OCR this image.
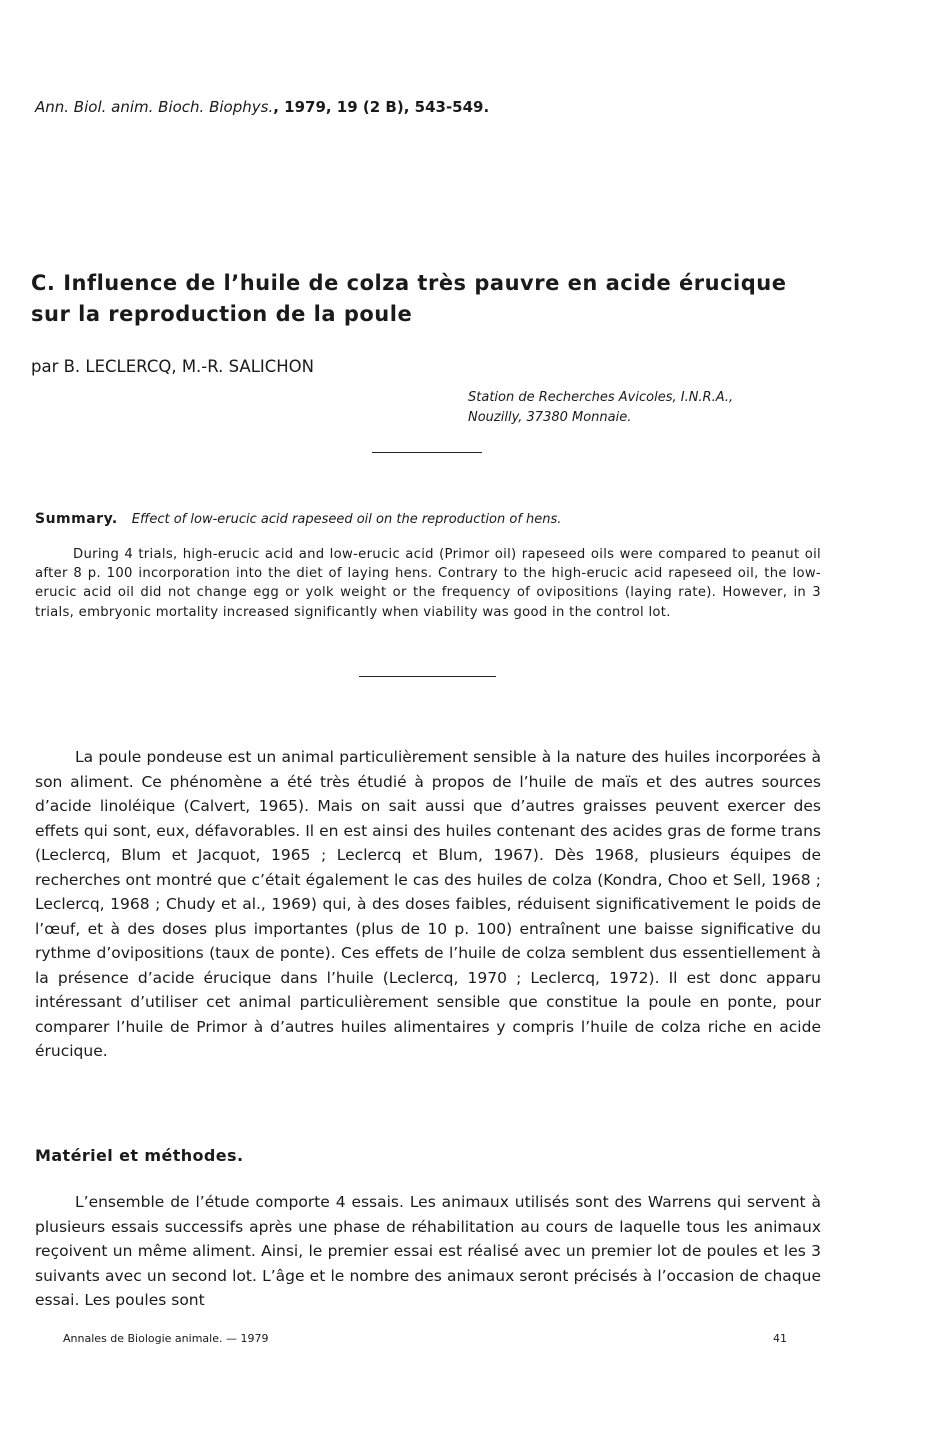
Ann. Biol. anim. Bioch. Biophys., 1979, 19 (2 B), 543-549.
C. Influence de l’huile de colza très pauvre en acide érucique
sur la reproduction de la poule
par B. LECLERCQ, M.-R. SALICHON
Station de Recherches Avicoles, I.N.R.A.,
Nouzilly, 37380 Monnaie.
Summary. Effect of low-erucic acid rapeseed oil on the reproduction of hens.

During 4 trials, high-erucic acid and low-erucic acid (Primor oil) rapeseed oils were compared to peanut oil after 8 p. 100 incorporation into the diet of laying hens. Contrary to the high-erucic acid rapeseed oil, the low-erucic acid oil did not change egg or yolk weight or the frequency of ovipositions (laying rate). However, in 3 trials, embryonic mortality increased significantly when viability was good in the control lot.

La poule pondeuse est un animal particulièrement sensible à la nature des huiles incorporées à son aliment. Ce phénomène a été très étudié à propos de l’huile de maïs et des autres sources d’acide linoléique (Calvert, 1965). Mais on sait aussi que d’autres graisses peuvent exercer des effets qui sont, eux, défavorables. Il en est ainsi des huiles contenant des acides gras de forme trans (Leclercq, Blum et Jacquot, 1965 ; Leclercq et Blum, 1967). Dès 1968, plusieurs équipes de recherches ont montré que c’était également le cas des huiles de colza (Kondra, Choo et Sell, 1968 ; Leclercq, 1968 ; Chudy et al., 1969) qui, à des doses faibles, réduisent significativement le poids de l’œuf, et à des doses plus importantes (plus de 10 p. 100) entraînent une baisse significative du rythme d’ovipositions (taux de ponte). Ces effets de l’huile de colza semblent dus essentiellement à la présence d’acide érucique dans l’huile (Leclercq, 1970 ; Leclercq, 1972). Il est donc apparu intéressant d’utiliser cet animal particulièrement sensible que constitue la poule en ponte, pour comparer l’huile de Primor à d’autres huiles alimentaires y compris l’huile de colza riche en acide érucique.

Matériel et méthodes.

L’ensemble de l’étude comporte 4 essais. Les animaux utilisés sont des Warrens qui servent à plusieurs essais successifs après une phase de réhabilitation au cours de laquelle tous les animaux reçoivent un même aliment. Ainsi, le premier essai est réalisé avec un premier lot de poules et les 3 suivants avec un second lot. L’âge et le nombre des animaux seront précisés à l’occasion de chaque essai. Les poules sont

Annales de Biologie animale. — 1979	41
